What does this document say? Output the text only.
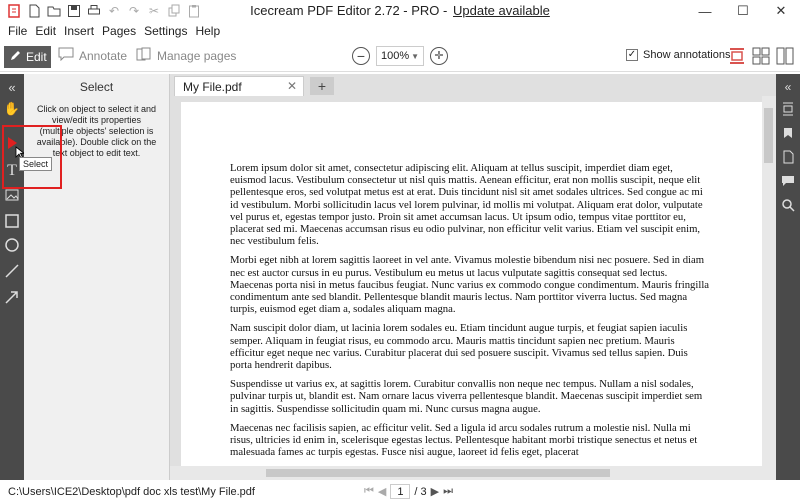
↶ ↷ ✂	Icecream PDF Editor 2.72 - PRO - Update available	—	☐	✕
File Edit Insert Pages Settings Help
Edit	Annotate Manage pages	−	100% ▼	✛	✓ Show annotations
«
✋
T
Select
Click on object to select it and view/edit its properties (multiple objects' selection is available). Double click on the text object to edit text.
Select
My File.pdf	✕	+

Lorem ipsum dolor sit amet, consectetur adipiscing elit. Aliquam at tellus suscipit, imperdiet diam eget, euismod lacus. Vestibulum consectetur ut nisl quis mattis. Aenean efficitur, erat non mollis suscipit, neque elit pellentesque eros, sed volutpat metus est at erat. Duis tincidunt nisl sit amet sodales ultrices. Sed congue ac mi id vestibulum. Morbi sollicitudin lacus vel lorem pulvinar, id mollis mi volutpat. Aliquam erat dolor, vulputate vel purus et, egestas tempor justo. Proin sit amet accumsan lacus. Ut ipsum odio, tempus vitae porttitor eu, placerat sed mi. Maecenas accumsan risus eu odio pulvinar, non efficitur velit varius. Etiam vel suscipit enim, nec vestibulum felis.

Morbi eget nibh at lorem sagittis laoreet in vel ante. Vivamus molestie bibendum nisi nec posuere. Sed in diam nec est auctor cursus in eu purus. Vestibulum eu metus ut lacus vulputate sagittis consequat sed lectus. Maecenas porta nisi in metus faucibus feugiat. Nunc varius ex commodo congue condimentum. Mauris fringilla condimentum ante sed blandit. Pellentesque blandit mauris lectus. Nam porttitor viverra luctus. Sed magna turpis, euismod eget diam a, sodales aliquam magna.

Nam suscipit dolor diam, ut lacinia lorem sodales eu. Etiam tincidunt augue turpis, et feugiat sapien iaculis semper. Aliquam in feugiat risus, eu commodo arcu. Mauris mattis tincidunt sapien nec pretium. Mauris efficitur eget neque nec varius. Curabitur placerat dui sed posuere suscipit. Vivamus sed tellus sapien. Duis porta hendrerit dapibus.

Suspendisse ut varius ex, at sagittis lorem. Curabitur convallis non neque nec tempus. Nullam a nisl sodales, pulvinar turpis ut, blandit est. Nam ornare lacus viverra pellentesque blandit. Maecenas suscipit imperdiet sem in sagittis. Suspendisse sollicitudin quam mi. Nunc cursus magna augue.

Maecenas nec facilisis sapien, ac efficitur velit. Sed a ligula id arcu sodales rutrum a molestie nisl. Nulla mi risus, ultricies id enim in, scelerisque egestas lectus. Pellentesque habitant morbi tristique senectus et netus et malesuada fames ac turpis egestas. Fusce nisi augue, laoreet id felis eget, placerat

«
C:\Users\ICE2\Desktop\pdf doc xls test\My File.pdf	⏮ ◀ 1 / 3 ▶ ⏭
